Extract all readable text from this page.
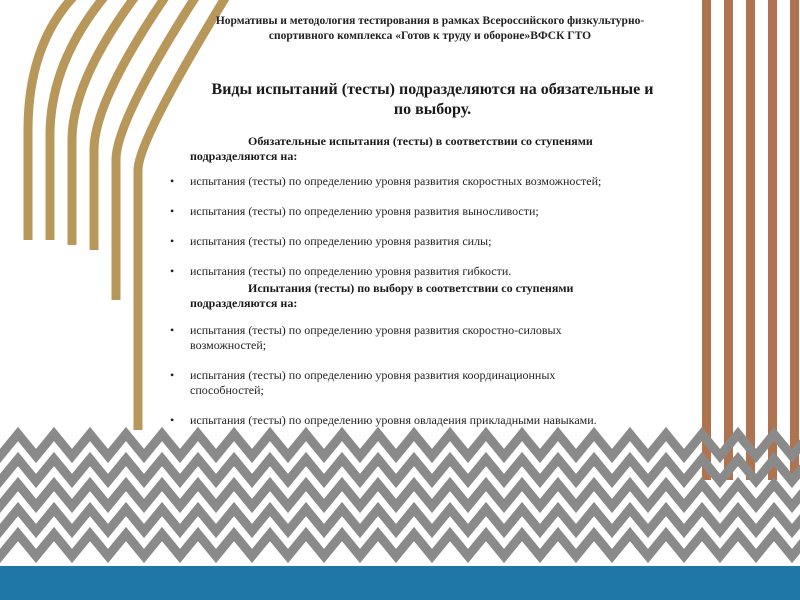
Нормативы и методология тестирования в рамках Всероссийского физкультурно-
спортивного комплекса «Готов к труду и обороне»ВФСК ГТО
Виды испытаний (тесты) подразделяются на обязательные и
по выбору.
Обязательные испытания (тесты) в соответствии со ступенями
подразделяются на:
• испытания (тесты) по определению уровня развития скоростных возможностей;
• испытания (тесты) по определению уровня развития выносливости;
• испытания (тесты) по определению уровня развития силы;
• испытания (тесты) по определению уровня развития гибкости.
Испытания (тесты) по выбору в соответствии со ступенями
подразделяются на:
• испытания (тесты) по определению уровня развития скоростно-силовых
возможностей;
• испытания (тесты) по определению уровня развития координационных
способностей;
• испытания (тесты) по определению уровня овладения прикладными навыками.
